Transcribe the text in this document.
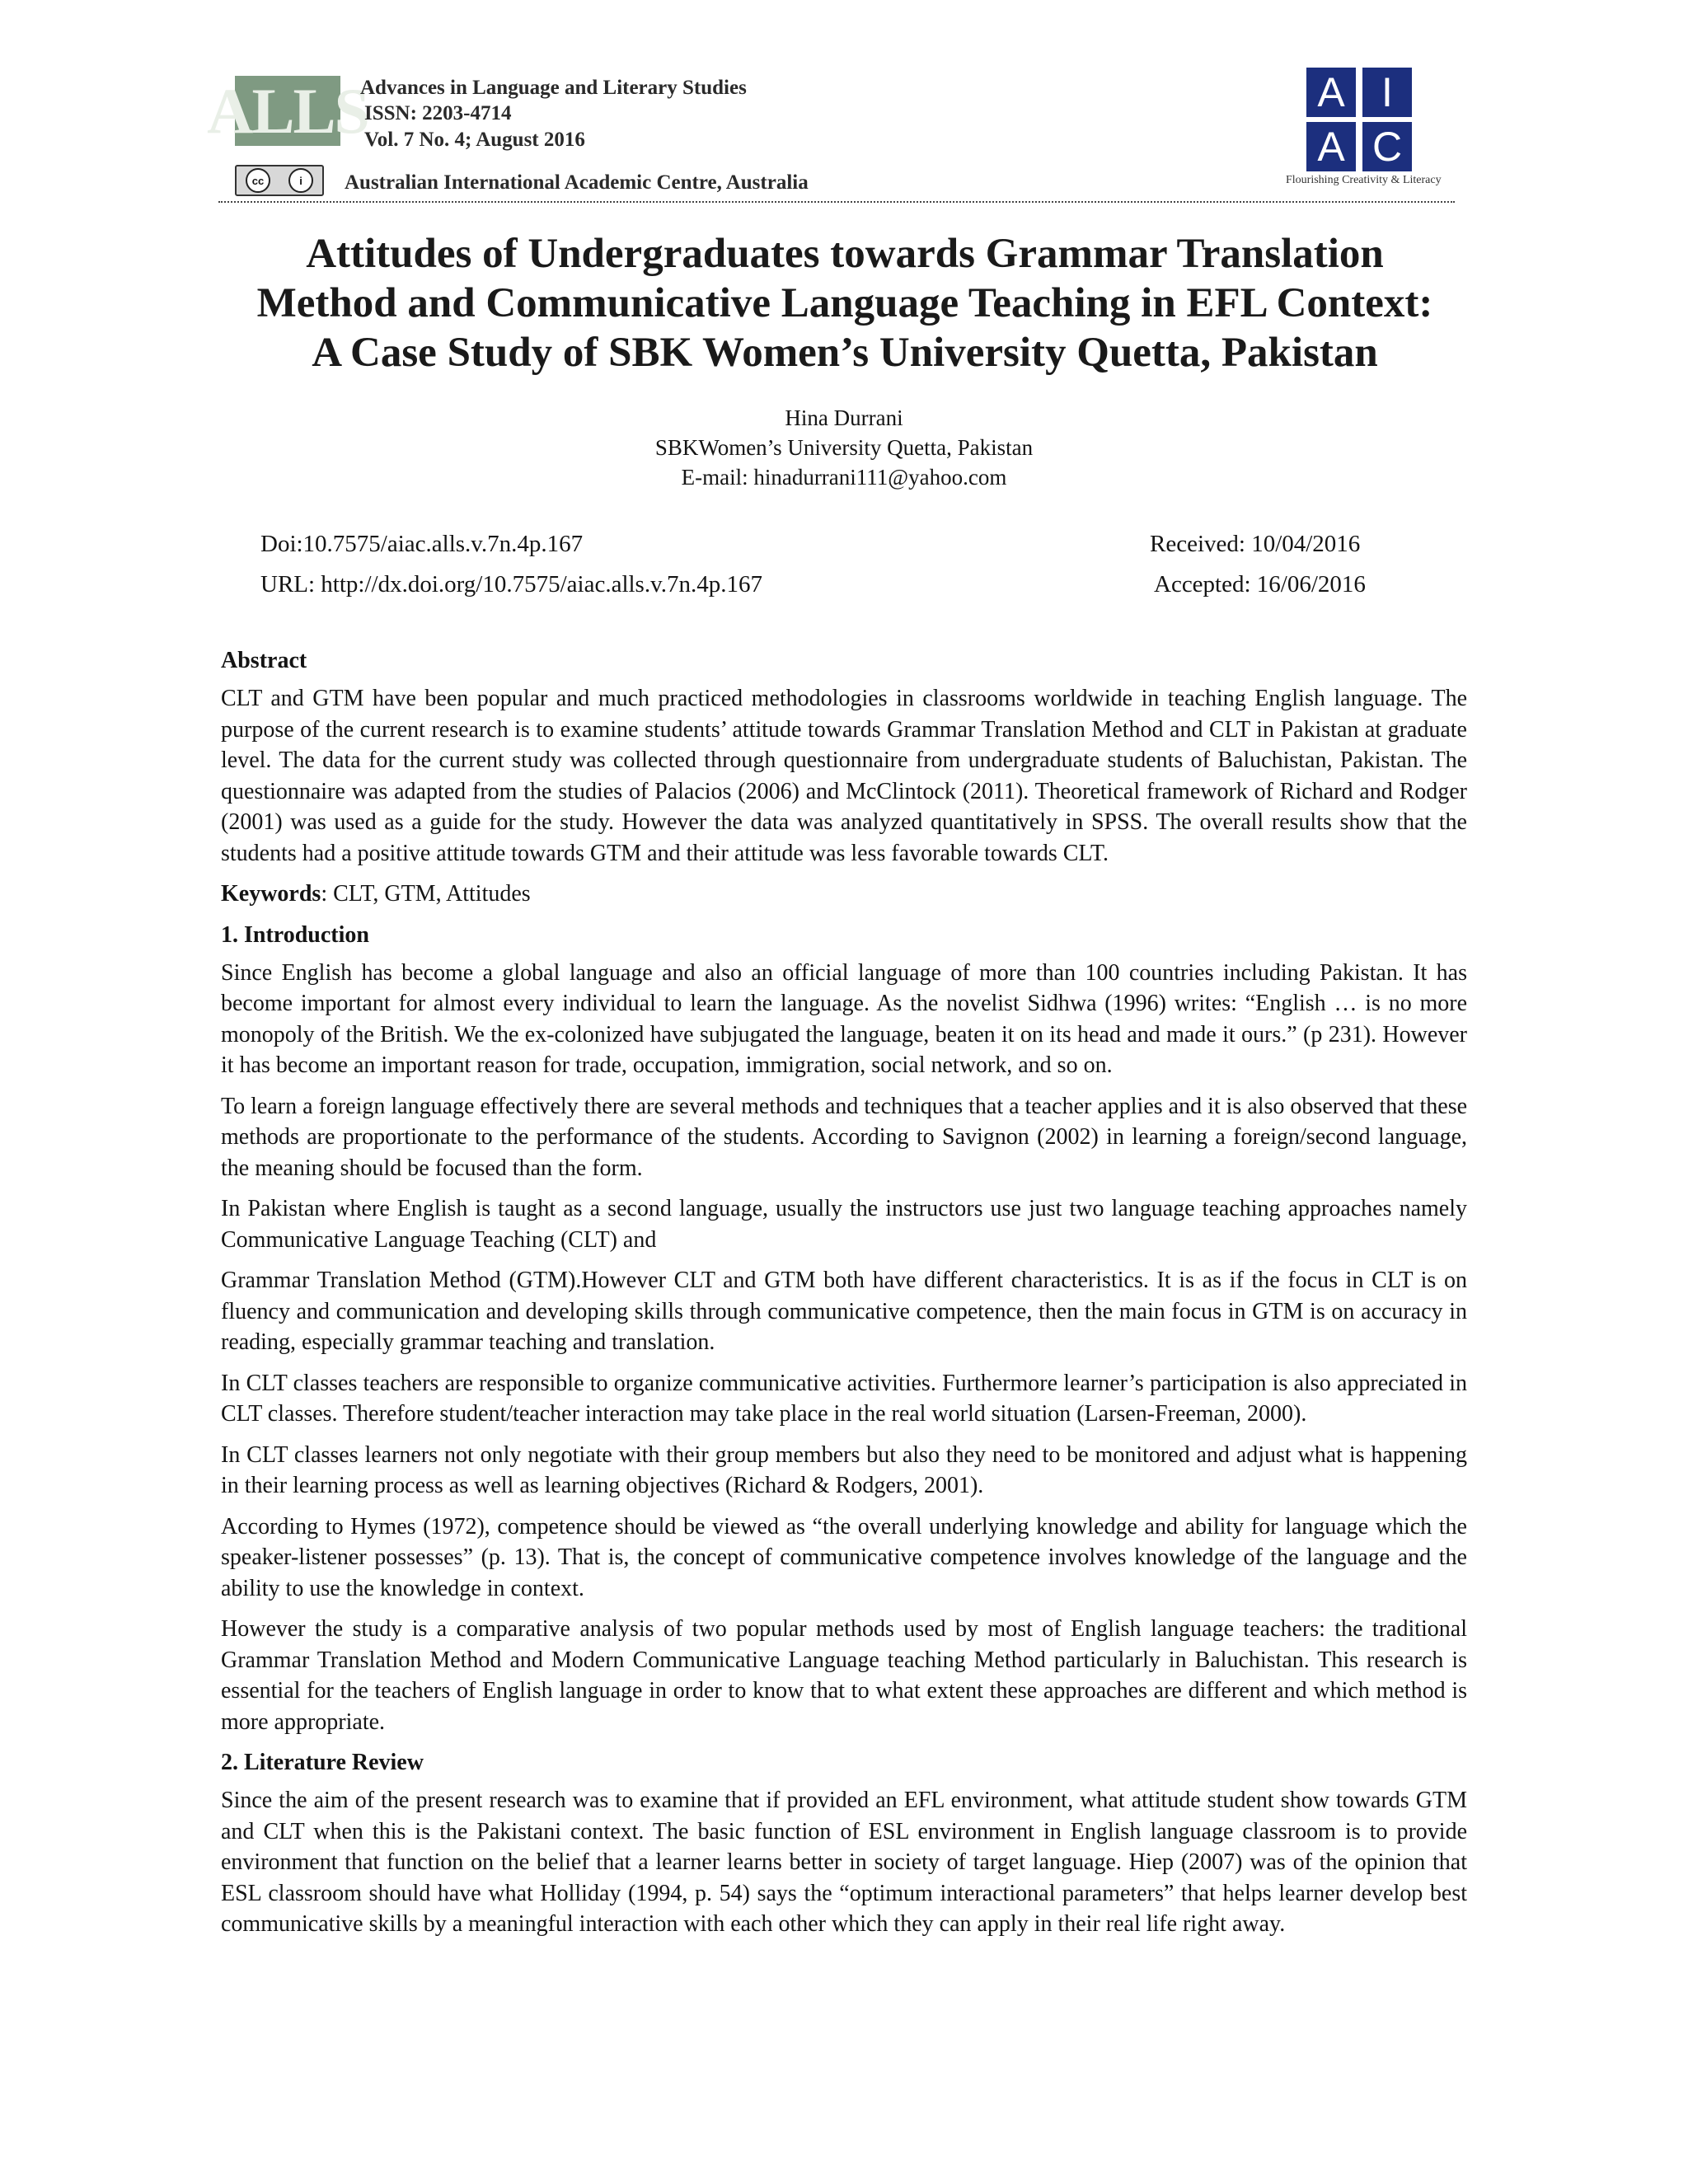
ALLS
cc	i
Advances in Language and Literary Studies
ISSN: 2203-4714
Vol. 7 No. 4; August 2016
Australian International Academic Centre, Australia
A I
A C
Flourishing Creativity & Literacy
Attitudes of Undergraduates towards Grammar Translation
Method and Communicative Language Teaching in EFL Context:
A Case Study of SBK Women’s University Quetta, Pakistan
Hina Durrani
SBKWomen’s University Quetta, Pakistan
E-mail: hinadurrani111@yahoo.com
Doi:10.7575/aiac.alls.v.7n.4p.167	Received: 10/04/2016
URL: http://dx.doi.org/10.7575/aiac.alls.v.7n.4p.167	Accepted: 16/06/2016
Abstract

CLT and GTM have been popular and much practiced methodologies in classrooms worldwide in teaching English language. The purpose of the current research is to examine students’ attitude towards Grammar Translation Method and CLT in Pakistan at graduate level. The data for the current study was collected through questionnaire from undergraduate students of Baluchistan, Pakistan. The questionnaire was adapted from the studies of Palacios (2006) and McClintock (2011). Theoretical framework of Richard and Rodger (2001) was used as a guide for the study. However the data was analyzed quantitatively in SPSS. The overall results show that the students had a positive attitude towards GTM and their attitude was less favorable towards CLT.

Keywords: CLT, GTM, Attitudes

1. Introduction

Since English has become a global language and also an official language of more than 100 countries including Pakistan. It has become important for almost every individual to learn the language. As the novelist Sidhwa (1996) writes: “English … is no more monopoly of the British. We the ex-colonized have subjugated the language, beaten it on its head and made it ours.” (p 231). However it has become an important reason for trade, occupation, immigration, social network, and so on.

To learn a foreign language effectively there are several methods and techniques that a teacher applies and it is also observed that these methods are proportionate to the performance of the students. According to Savignon (2002) in learning a foreign/second language, the meaning should be focused than the form.

In Pakistan where English is taught as a second language, usually the instructors use just two language teaching approaches namely Communicative Language Teaching (CLT) and

Grammar Translation Method (GTM).However CLT and GTM both have different characteristics. It is as if the focus in CLT is on fluency and communication and developing skills through communicative competence, then the main focus in GTM is on accuracy in reading, especially grammar teaching and translation.

In CLT classes teachers are responsible to organize communicative activities. Furthermore learner’s participation is also appreciated in CLT classes. Therefore student/teacher interaction may take place in the real world situation (Larsen-Freeman, 2000).

In CLT classes learners not only negotiate with their group members but also they need to be monitored and adjust what is happening in their learning process as well as learning objectives (Richard & Rodgers, 2001).

According to Hymes (1972), competence should be viewed as “the overall underlying knowledge and ability for language which the speaker-listener possesses” (p. 13). That is, the concept of communicative competence involves knowledge of the language and the ability to use the knowledge in context.

However the study is a comparative analysis of two popular methods used by most of English language teachers: the traditional Grammar Translation Method and Modern Communicative Language teaching Method particularly in Baluchistan. This research is essential for the teachers of English language in order to know that to what extent these approaches are different and which method is more appropriate.

2. Literature Review

Since the aim of the present research was to examine that if provided an EFL environment, what attitude student show towards GTM and CLT when this is the Pakistani context. The basic function of ESL environment in English language classroom is to provide environment that function on the belief that a learner learns better in society of target language. Hiep (2007) was of the opinion that ESL classroom should have what Holliday (1994, p. 54) says the “optimum interactional parameters” that helps learner develop best communicative skills by a meaningful interaction with each other which they can apply in their real life right away.
